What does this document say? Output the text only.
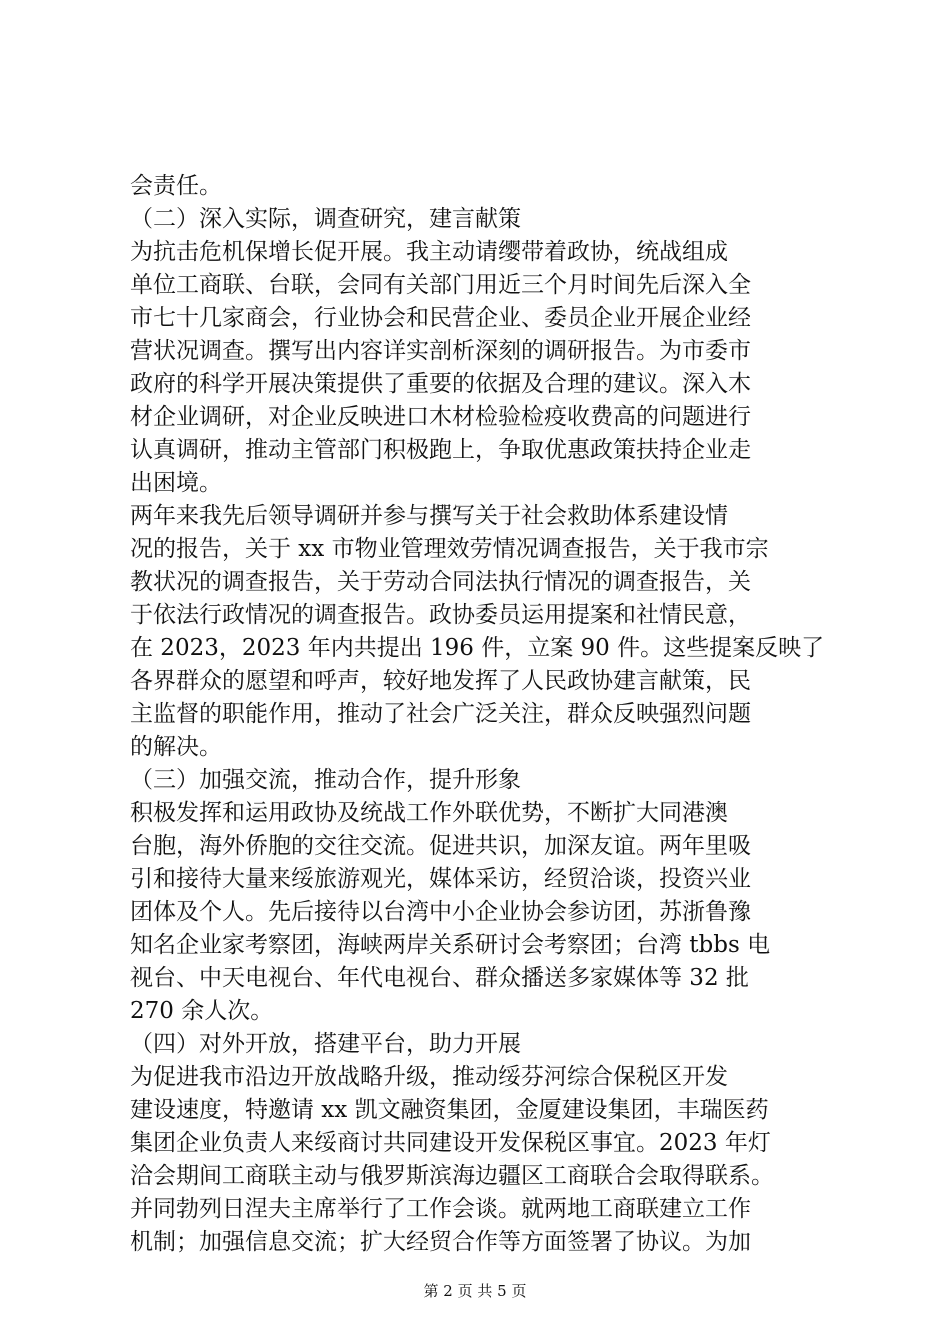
会责任。
（二）深入实际，调查研究，建言献策
为抗击危机保增长促开展。我主动请缨带着政协，统战组成
单位工商联、台联，会同有关部门用近三个月时间先后深入全
市七十几家商会，行业协会和民营企业、委员企业开展企业经
营状况调查。撰写出内容详实剖析深刻的调研报告。为市委市
政府的科学开展决策提供了重要的依据及合理的建议。深入木
材企业调研，对企业反映进口木材检验检疫收费高的问题进行
认真调研，推动主管部门积极跑上，争取优惠政策扶持企业走
出困境。
两年来我先后领导调研并参与撰写关于社会救助体系建设情
况的报告，关于 xx 市物业管理效劳情况调查报告，关于我市宗
教状况的调查报告，关于劳动合同法执行情况的调查报告，关
于依法行政情况的调查报告。政协委员运用提案和社情民意，
在 2023，2023 年内共提出 196 件，立案 90 件。这些提案反映了
各界群众的愿望和呼声，较好地发挥了人民政协建言献策，民
主监督的职能作用，推动了社会广泛关注，群众反映强烈问题
的解决。
（三）加强交流，推动合作，提升形象
积极发挥和运用政协及统战工作外联优势，不断扩大同港澳
台胞，海外侨胞的交往交流。促进共识，加深友谊。两年里吸
引和接待大量来绥旅游观光，媒体采访，经贸洽谈，投资兴业
团体及个人。先后接待以台湾中小企业协会参访团，苏浙鲁豫
知名企业家考察团，海峡两岸关系研讨会考察团；台湾 tbbs 电
视台、中天电视台、年代电视台、群众播送多家媒体等 32 批
270 余人次。
（四）对外开放，搭建平台，助力开展
为促进我市沿边开放战略升级，推动绥芬河综合保税区开发
建设速度，特邀请 xx 凯文融资集团，金厦建设集团，丰瑞医药
集团企业负责人来绥商讨共同建设开发保税区事宜。2023 年灯
洽会期间工商联主动与俄罗斯滨海边疆区工商联合会取得联系。
并同勃列日涅夫主席举行了工作会谈。就两地工商联建立工作
机制；加强信息交流；扩大经贸合作等方面签署了协议。为加
第 2 页 共 5 页
